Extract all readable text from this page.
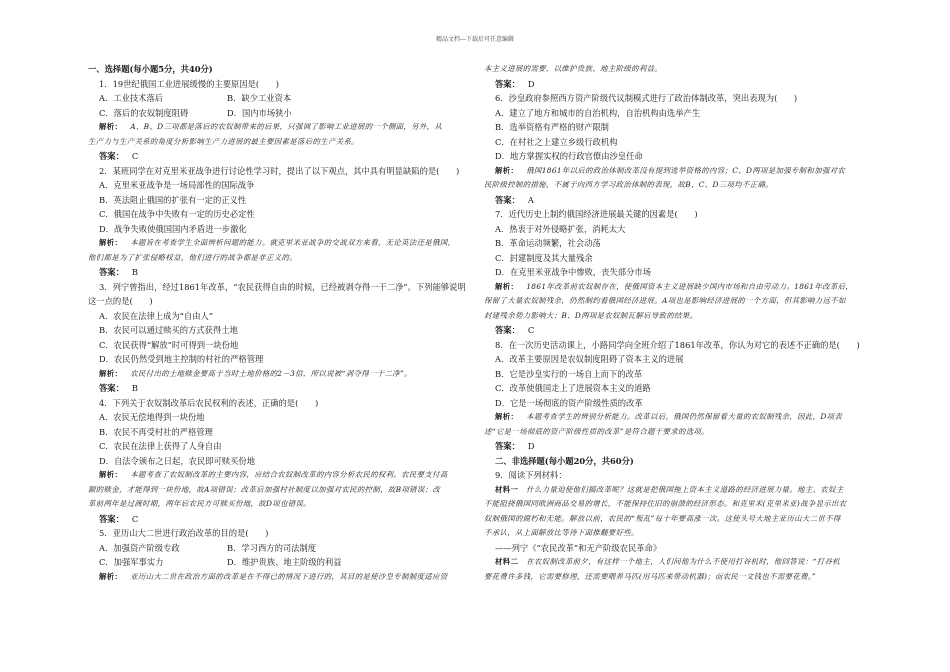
精品文档---下载后可任意编辑
一、选择题(每小题5分，共40分)
1．19世纪俄国工业进展缓慢的主要原因是(　　)
A．工业技术落后	B．缺少工业资本
C．落后的农奴制度阻碍	D．国内市场狭小
解析： A、B、D三项都是落后的农奴制带来的后果，只强调了影响工业进展的一个侧面，另外，从
生产力与生产关系的角度分析影响生产力进展的最主要因素是落后的生产关系。
答案： C
2．某班同学在对克里米亚战争进行讨论性学习时，提出了以下观点，其中具有明显缺陷的是(　　)
A．克里米亚战争是一场局部性的国际战争
B．英法阻止俄国的扩张有一定的正义性
C．俄国在战争中失败有一定的历史必定性
D．战争失败使俄国国内矛盾进一步激化
解析： 本题旨在考查学生全面辨析问题的能力。就克里米亚战争的交战双方来看，无论英法还是俄国，
他们都是为了扩张侵略权益，他们进行的战争都是非正义的。
答案： B
3．列宁曾指出，经过1861年改革，“农民获得自由的时候，已经被剥夺得一干二净”。下列能够说明
这一点的是(　　)
A．农民在法律上成为“自由人”
B．农民可以通过赎买的方式获得土地
C．农民获得“解放”时可得到一块份地
D．农民仍然受到地主控制的村社的严格管理
解析： 农民付出的土地赎金要高于当时土地价格的2－3倍，所以说被“剥夺得一干二净”。
答案： B
4．下列关于农奴制改革后农民权利的表述，正确的是(　　)
A．农民无偿地得到一块份地
B．农民不再受村社的严格管理
C．农民在法律上获得了人身自由
D．自法令颁布之日起，农民即可赎买份地
解析： 本题考查了农奴制改革的主要内容，应结合农奴制改革的内容分析农民的权利。农民要支付高
额的赎金，才能得到一块份地，故A项错误；改革后加强村社制度以加强对农民的控制，故B项错误；改
革前两年是过渡时期，两年后农民方可赎买份地，故D项也错误。
答案： C
5．亚历山大二世进行政治改革的目的是(　　)
A．加强资产阶级专政	B．学习西方的司法制度
C．加强军事实力	D．维护贵族、地主阶级的利益
解析： 亚历山大二世在政治方面的改革是在不得已的情况下进行的，其目的是使沙皇专制制度适应资
本主义进展的需要，以维护贵族、地主阶级的利益。
答案： D
6．沙皇政府参照西方资产阶级代议制模式进行了政治体制改革，突出表现为(　　)
A．建立了地方和城市的自治机构，自治机构由选举产生
B．选举资格有严格的财产限制
C．在村社之上建立乡级行政机构
D．地方掌握实权的行政官僚由沙皇任命
解析： 俄国1861年以后的政治体制改革没有提到选举资格的内容；C、D两项是加强专制和加强对农
民阶级控制的措施，不属于向西方学习政治体制的表现，故B、C、D三项均不正确。
答案： A
7．近代历史上制约俄国经济进展最关键的因素是(　　)
A．热衷于对外侵略扩张，消耗太大
B．革命运动频繁，社会动荡
C．封建制度及其大量残余
D．在克里米亚战争中惨败，丧失部分市场
解析： 1861年改革前农奴制存在，使俄国资本主义进展缺少国内市场和自由劳动力。1861年改革后，
保留了大量农奴制残余，仍然制约着俄国经济进展。A项也是影响经济进展的一个方面，但其影响力远不如
封建残余势力影响大；B、D两项是农奴制瓦解后导致的结果。
答案： C
8．在一次历史活动课上，小路同学向全班介绍了1861年改革，你认为对它的表述不正确的是(　　)
A．改革主要原因是农奴制度阻碍了资本主义的进展
B．它是沙皇实行的一场自上而下的改革
C．改革使俄国走上了进展资本主义的道路
D．它是一场彻底的资产阶级性质的改革
解析： 本题考查学生的辨别分析能力。改革以后，俄国仍然保留着大量的农奴制残余，因此，D项表
述“它是一场彻底的资产阶级性质的改革”是符合题干要求的选项。
答案： D
二、非选择题(每小题20分，共60分)
9．阅读下列材料：
材料一 什么力量迫使他们搞改革呢？这就是把俄国拖上资本主义道路的经济进展力量。地主、农奴主
不能阻挠俄国同欧洲商品交易的增长，不能保持住旧的崩溃的经济形态。和克里米(克里米亚)战争显示出农
奴制俄国的腐朽和无能。解放以前，农民的“叛乱”每十年要高涨一次。这使头号大地主亚历山大二世不得
不承认，从上面解放比等待下面推翻要好些。
——列宁《“农民改革”和无产阶级农民革命》
材料二 在农奴制改革前夕，有这样一个地主，人们问他为什么不使用打谷机时，他回答说：“打谷机
要花费许多钱，它需要修理，还需要喂养马匹(用马匹来带动机器)；而农民一文钱也不需要花费。”
